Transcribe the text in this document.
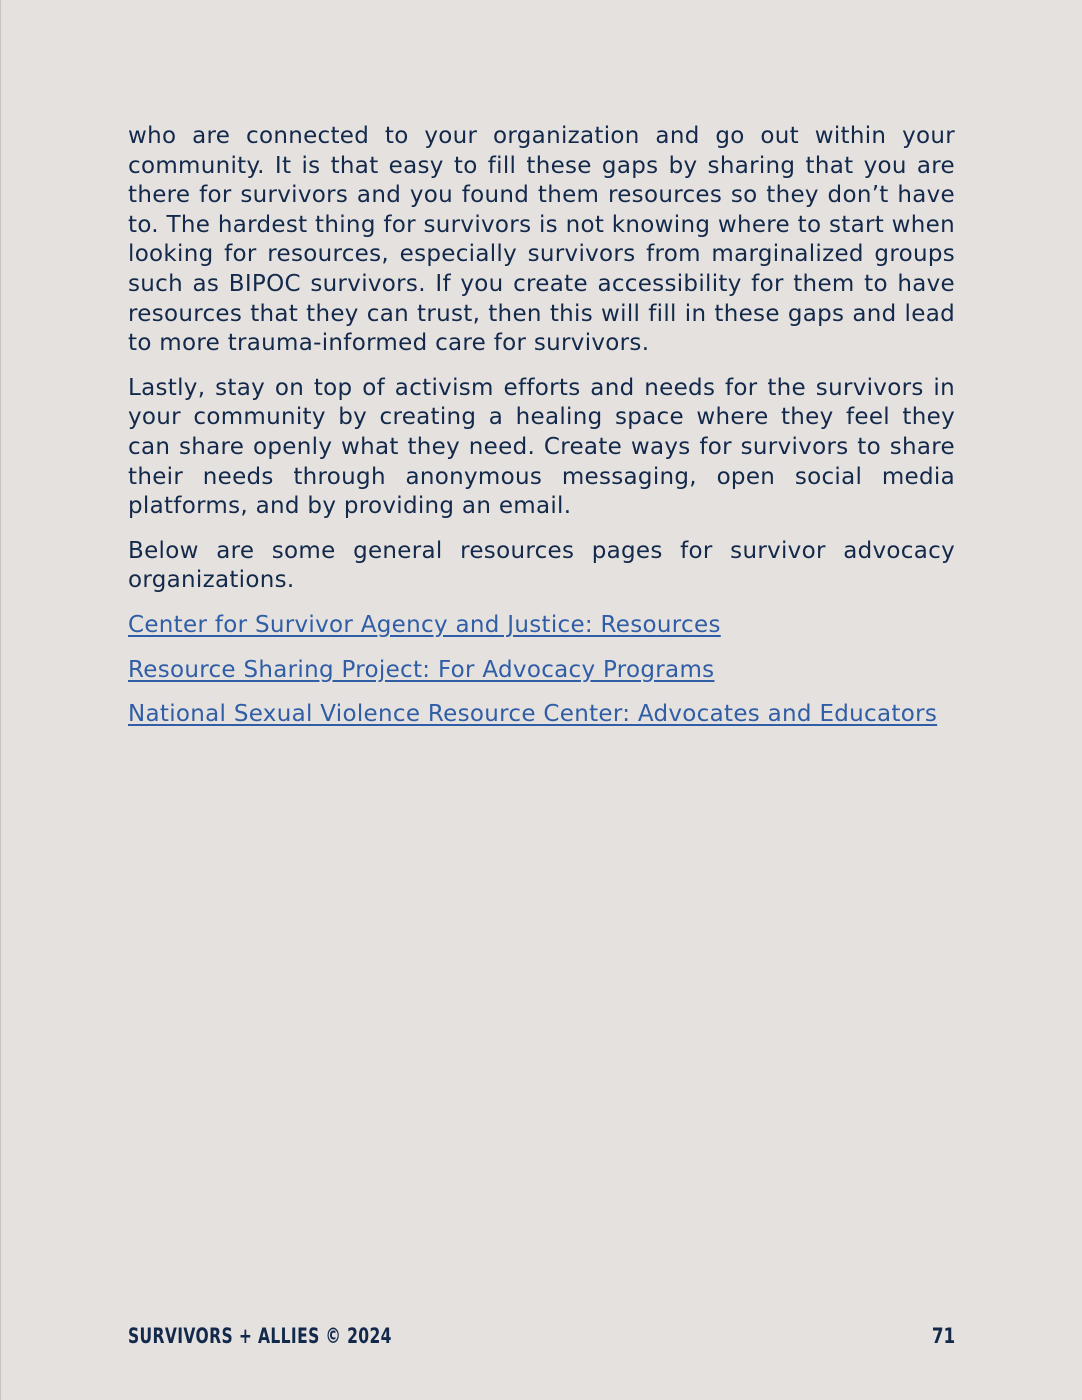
who are connected to your organization and go out within your community. It is that easy to fill these gaps by sharing that you are there for survivors and you found them resources so they don’t have to. The hardest thing for survivors is not knowing where to start when looking for resources, especially survivors from marginalized groups such as BIPOC survivors. If you create accessibility for them to have resources that they can trust, then this will fill in these gaps and lead to more trauma-informed care for survivors.

Lastly, stay on top of activism efforts and needs for the survivors in your community by creating a healing space where they feel they can share openly what they need. Create ways for survivors to share their needs through anonymous messaging, open social media platforms, and by providing an email.

Below are some general resources pages for survivor advocacy organizations.

Center for Survivor Agency and Justice: Resources

Resource Sharing Project: For Advocacy Programs

National Sexual Violence Resource Center: Advocates and Educators

SURVIVORS + ALLIES © 2024	71
